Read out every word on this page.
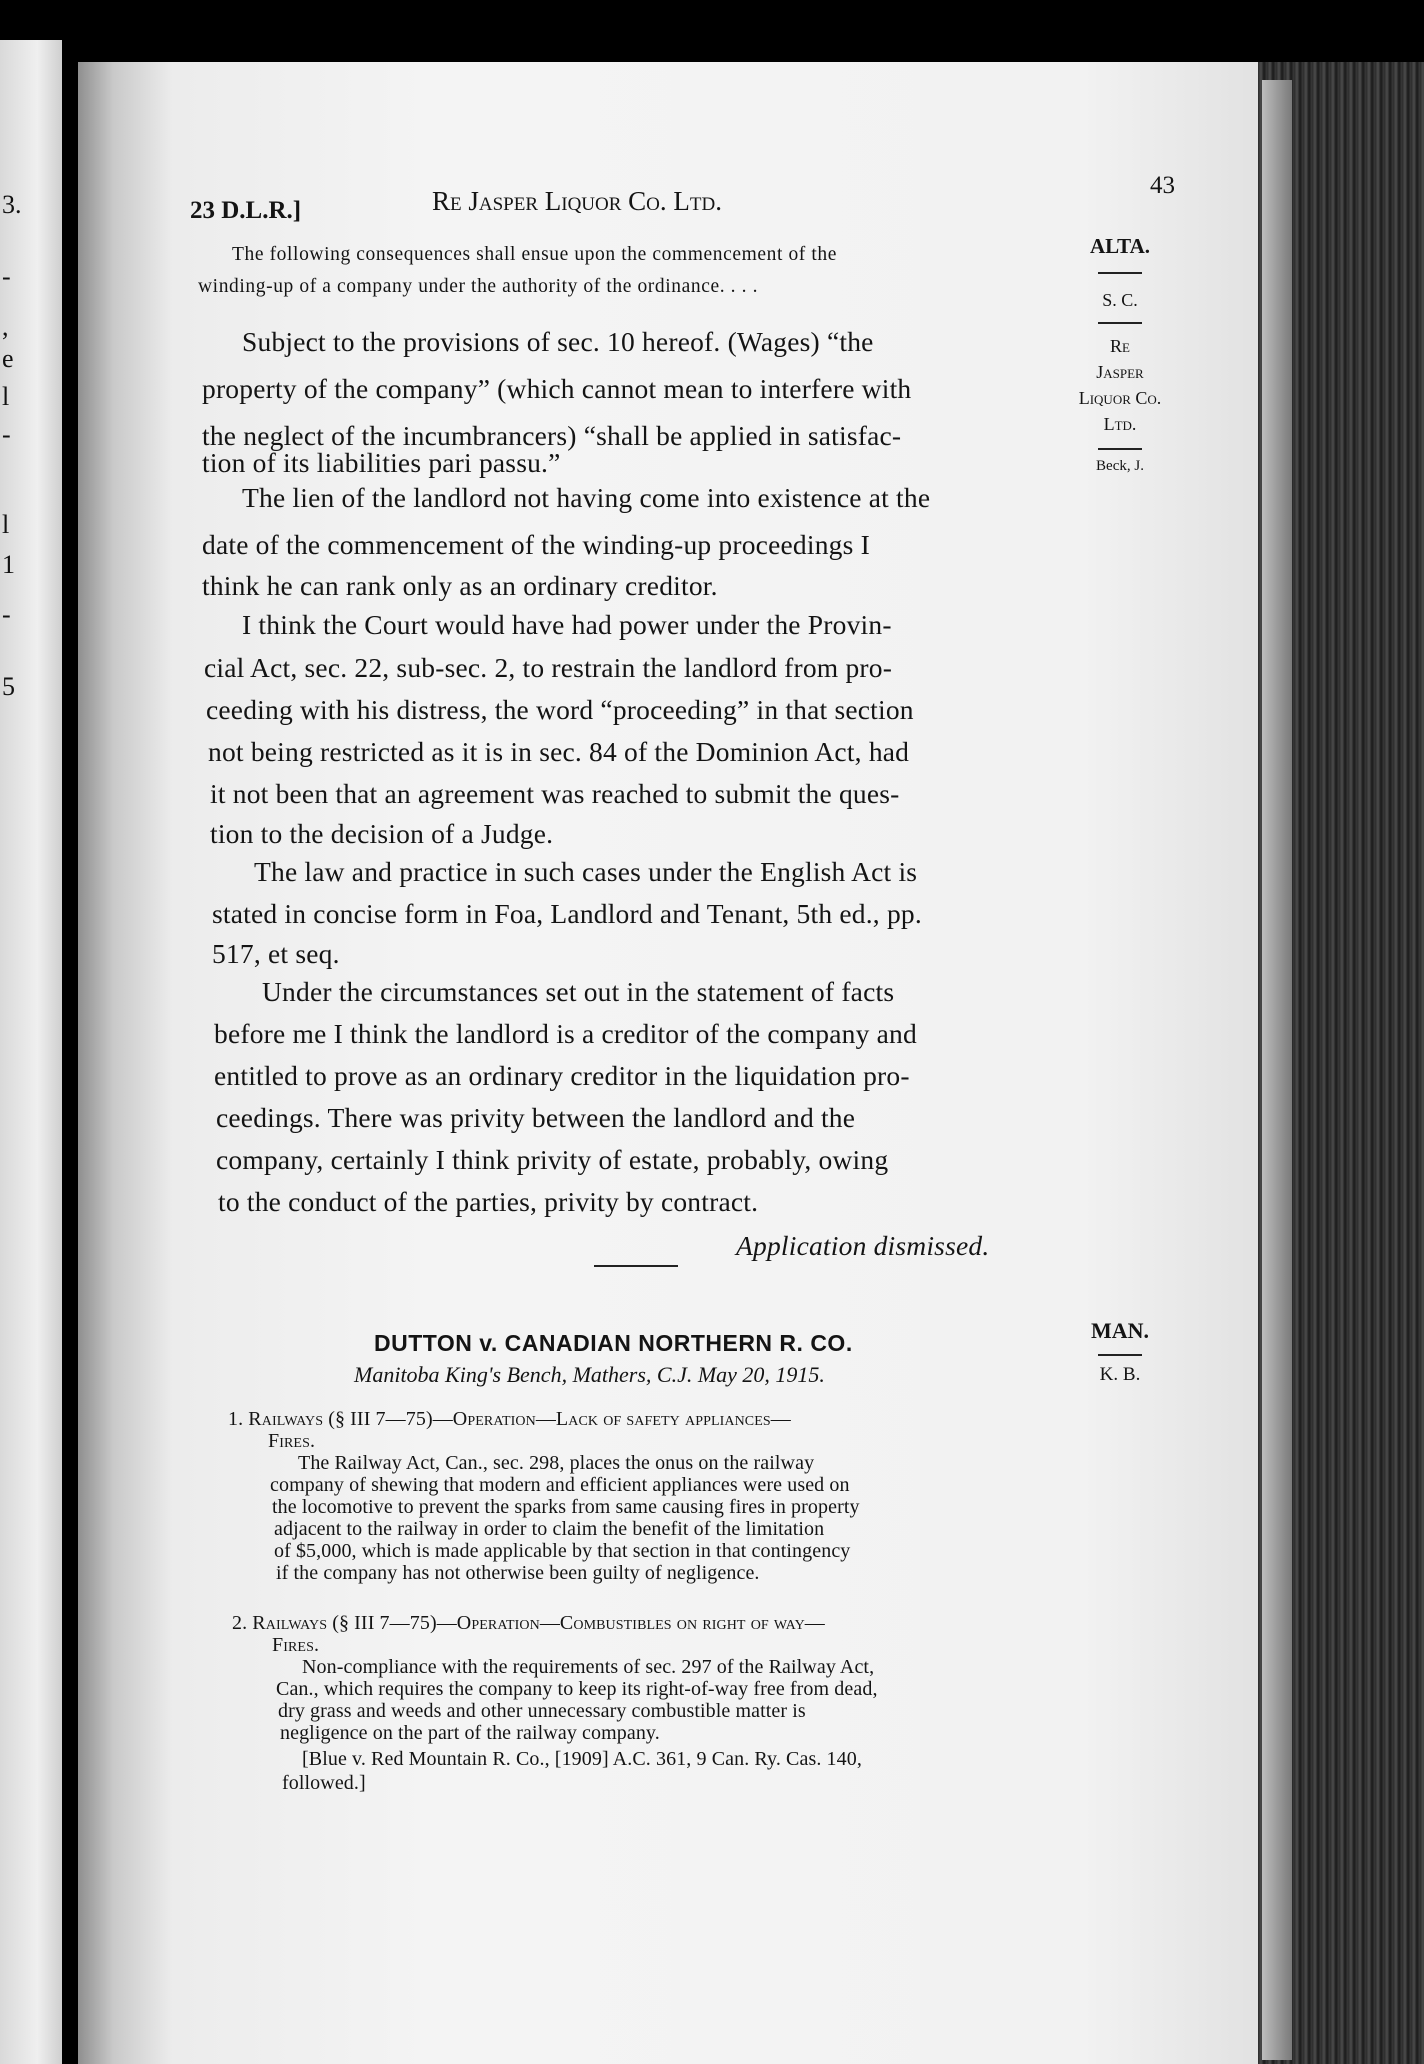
3.
-
,
e
l
-
l
1
-
5
23 D.L.R.]	Re Jasper Liquor Co. Ltd.
43
ALTA.
S. C.
Re
Jasper
Liquor Co.
Ltd.
Beck, J.
The following consequences shall ensue upon the commencement of the
winding-up of a company under the authority of the ordinance. . . .
Subject to the provisions of sec. 10 hereof. (Wages) “the
property of the company” (which cannot mean to interfere with
the neglect of the incumbrancers) “shall be applied in satisfac-
tion of its liabilities pari passu.”
The lien of the landlord not having come into existence at the
date of the commencement of the winding-up proceedings I
think he can rank only as an ordinary creditor.
I think the Court would have had power under the Provin-
cial Act, sec. 22, sub-sec. 2, to restrain the landlord from pro-
ceeding with his distress, the word “proceeding” in that section
not being restricted as it is in sec. 84 of the Dominion Act, had
it not been that an agreement was reached to submit the ques-
tion to the decision of a Judge.
The law and practice in such cases under the English Act is
stated in concise form in Foa, Landlord and Tenant, 5th ed., pp.
517, et seq.
Under the circumstances set out in the statement of facts
before me I think the landlord is a creditor of the company and
entitled to prove as an ordinary creditor in the liquidation pro-
ceedings. There was privity between the landlord and the
company, certainly I think privity of estate, probably, owing
to the conduct of the parties, privity by contract.
Application dismissed.
DUTTON v. CANADIAN NORTHERN R. CO.	MAN.
K. B.
Manitoba King's Bench, Mathers, C.J. May 20, 1915.
1. Railways (§ III 7—75)—Operation—Lack of safety appliances—
Fires.
The Railway Act, Can., sec. 298, places the onus on the railway
company of shewing that modern and efficient appliances were used on
the locomotive to prevent the sparks from same causing fires in property
adjacent to the railway in order to claim the benefit of the limitation
of $5,000, which is made applicable by that section in that contingency
if the company has not otherwise been guilty of negligence.
2. Railways (§ III 7—75)—Operation—Combustibles on right of way—
Fires.
Non-compliance with the requirements of sec. 297 of the Railway Act,
Can., which requires the company to keep its right-of-way free from dead,
dry grass and weeds and other unnecessary combustible matter is
negligence on the part of the railway company.
[Blue v. Red Mountain R. Co., [1909] A.C. 361, 9 Can. Ry. Cas. 140,
followed.]
